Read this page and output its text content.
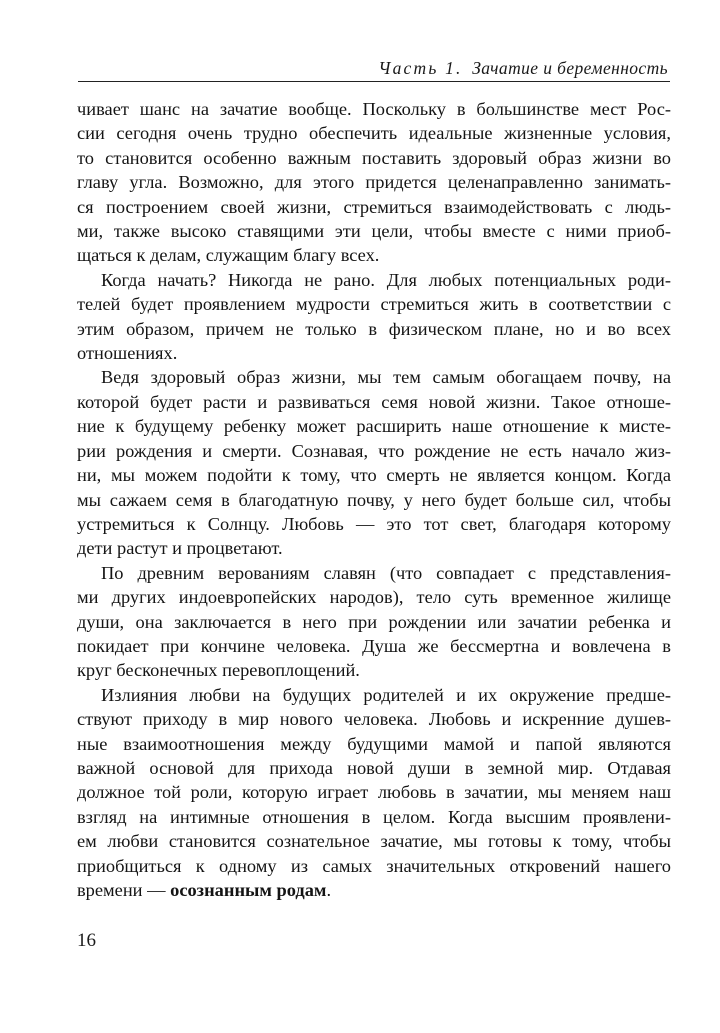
Часть 1. Зачатие и беременность

чивает шанс на зачатие вообще. Поскольку в большинстве мест Рос-

сии сегодня очень трудно обеспечить идеальные жизненные условия,

то становится особенно важным поставить здоровый образ жизни во

главу угла. Возможно, для этого придется целенаправленно занимать-

ся построением своей жизни, стремиться взаимодействовать с людь-

ми, также высоко ставящими эти цели, чтобы вместе с ними приоб-

щаться к делам, служащим благу всех.

Когда начать? Никогда не рано. Для любых потенциальных роди-

телей будет проявлением мудрости стремиться жить в соответствии с

этим образом, причем не только в физическом плане, но и во всех

отношениях.

Ведя здоровый образ жизни, мы тем самым обогащаем почву, на

которой будет расти и развиваться семя новой жизни. Такое отноше-

ние к будущему ребенку может расширить наше отношение к мисте-

рии рождения и смерти. Сознавая, что рождение не есть начало жиз-

ни, мы можем подойти к тому, что смерть не является концом. Когда

мы сажаем семя в благодатную почву, у него будет больше сил, чтобы

устремиться к Солнцу. Любовь — это тот свет, благодаря которому

дети растут и процветают.

По древним верованиям славян (что совпадает с представления-

ми других индоевропейских народов), тело суть временное жилище

души, она заключается в него при рождении или зачатии ребенка и

покидает при кончине человека. Душа же бессмертна и вовлечена в

круг бесконечных перевоплощений.

Излияния любви на будущих родителей и их окружение предше-

ствуют приходу в мир нового человека. Любовь и искренние душев-

ные взаимоотношения между будущими мамой и папой являются

важной основой для прихода новой души в земной мир. Отдавая

должное той роли, которую играет любовь в зачатии, мы меняем наш

взгляд на интимные отношения в целом. Когда высшим проявлени-

ем любви становится сознательное зачатие, мы готовы к тому, чтобы

приобщиться к одному из самых значительных откровений нашего

времени — осознанным родам.

16
